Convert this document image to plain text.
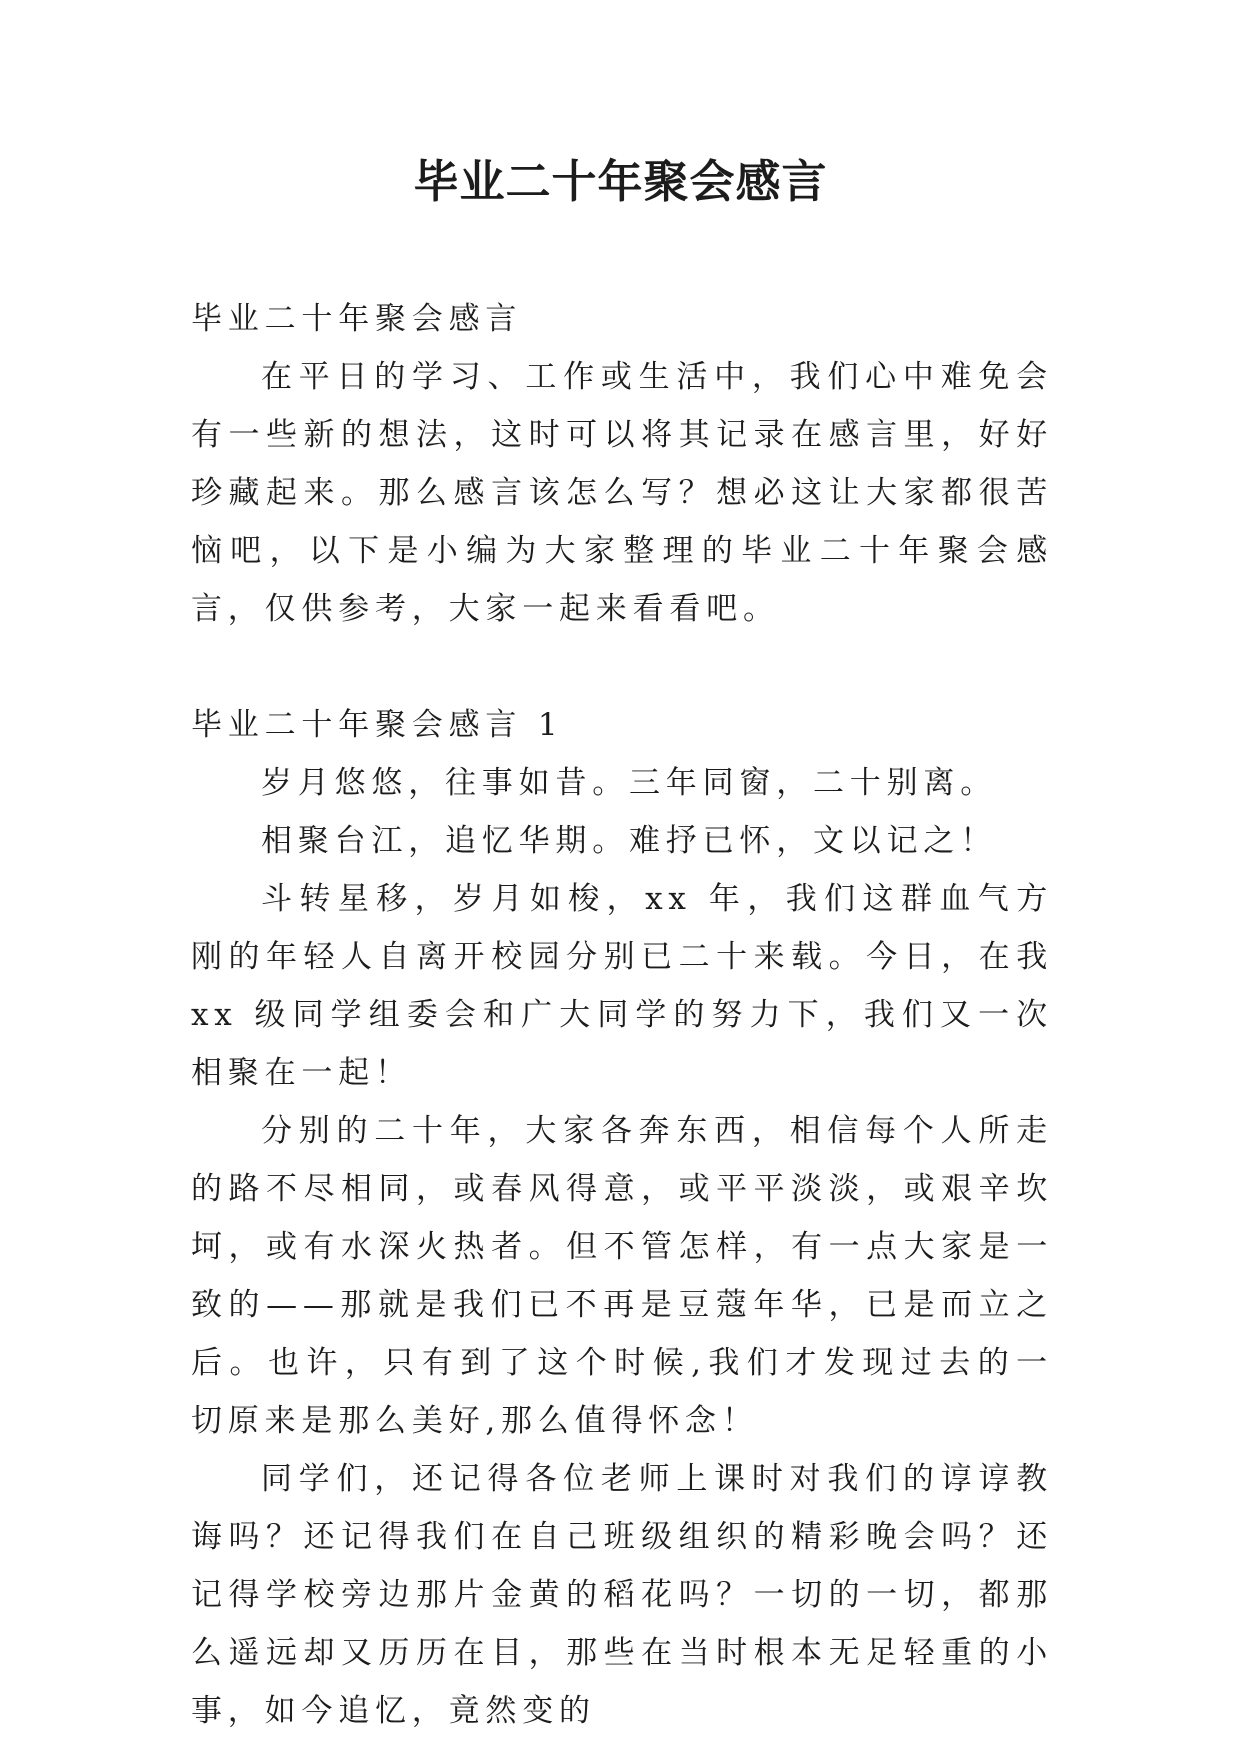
毕业二十年聚会感言

毕业二十年聚会感言

在平日的学习、工作或生活中，我们心中难免会有一些新的想法，这时可以将其记录在感言里，好好珍藏起来。那么感言该怎么写？想必这让大家都很苦恼吧，以下是小编为大家整理的毕业二十年聚会感言，仅供参考，大家一起来看看吧。

毕业二十年聚会感言 1

岁月悠悠，往事如昔。三年同窗，二十别离。

相聚台江，追忆华期。难抒已怀，文以记之！

斗转星移，岁月如梭，xx 年，我们这群血气方刚的年轻人自离开校园分别已二十来载。今日，在我 xx 级同学组委会和广大同学的努力下，我们又一次相聚在一起！

分别的二十年，大家各奔东西，相信每个人所走的路不尽相同，或春风得意，或平平淡淡，或艰辛坎坷，或有水深火热者。但不管怎样，有一点大家是一致的——那就是我们已不再是豆蔻年华，已是而立之后。也许，只有到了这个时候,我们才发现过去的一切原来是那么美好,那么值得怀念！

同学们，还记得各位老师上课时对我们的谆谆教诲吗？还记得我们在自己班级组织的精彩晚会吗？还记得学校旁边那片金黄的稻花吗？一切的一切，都那么遥远却又历历在目，那些在当时根本无足轻重的小事，如今追忆，竟然变的
